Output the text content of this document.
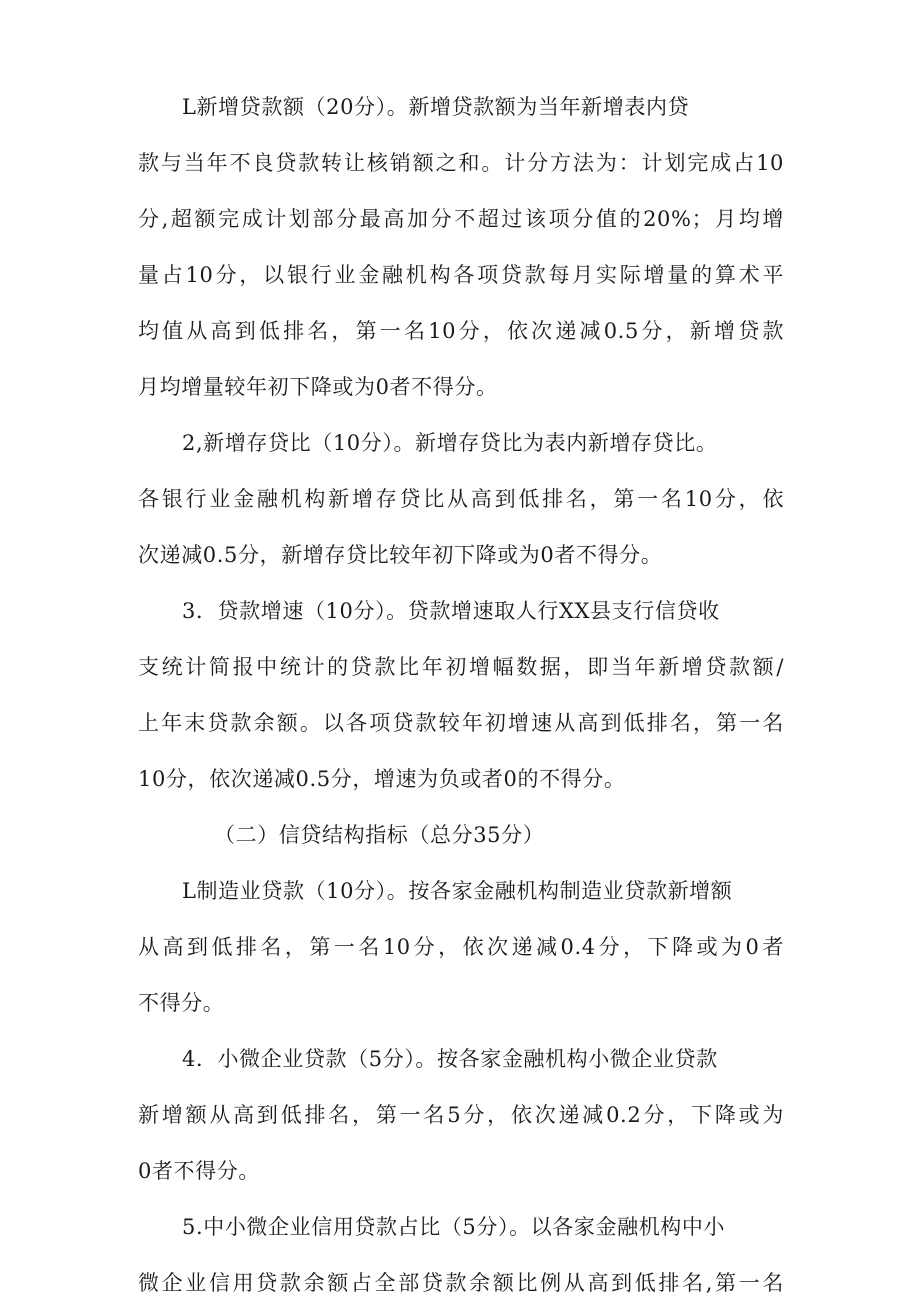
L新增贷款额（20分）。新增贷款额为当年新增表内贷
款与当年不良贷款转让核销额之和。计分方法为：计划完成占10
分,超额完成计划部分最高加分不超过该项分值的20%；月均增
量占10分，以银行业金融机构各项贷款每月实际增量的算术平
均值从高到低排名，第一名10分，依次递减0.5分，新增贷款
月均增量较年初下降或为0者不得分。
2,新增存贷比（10分）。新增存贷比为表内新增存贷比。
各银行业金融机构新增存贷比从高到低排名，第一名10分，依
次递减0.5分，新增存贷比较年初下降或为0者不得分。
3．贷款增速（10分）。贷款增速取人行XX县支行信贷收
支统计简报中统计的贷款比年初增幅数据，即当年新增贷款额/
上年末贷款余额。以各项贷款较年初增速从高到低排名，第一名
10分，依次递减0.5分，增速为负或者0的不得分。
（二）信贷结构指标（总分35分）
L制造业贷款（10分）。按各家金融机构制造业贷款新增额
从高到低排名，第一名10分，依次递减0.4分，下降或为0者
不得分。
4．小微企业贷款（5分）。按各家金融机构小微企业贷款
新增额从高到低排名，第一名5分，依次递减0.2分，下降或为
0者不得分。
5.中小微企业信用贷款占比（5分）。以各家金融机构中小
微企业信用贷款余额占全部贷款余额比例从高到低排名,第一名
